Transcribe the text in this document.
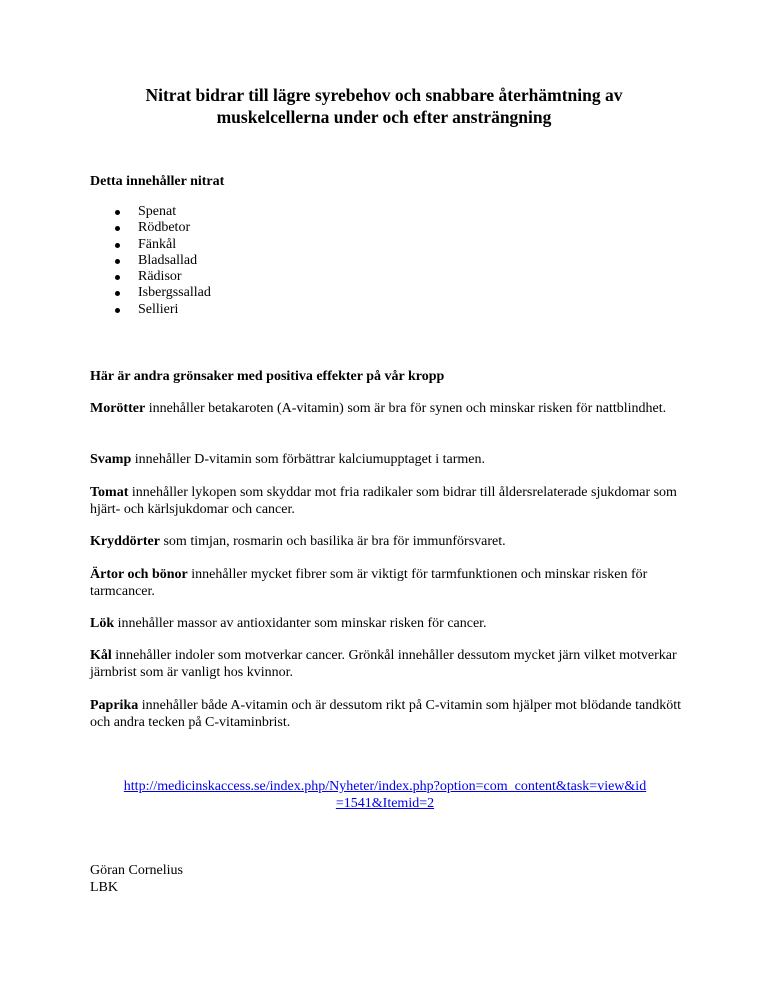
Nitrat bidrar till lägre syrebehov och snabbare återhämtning av
muskelcellerna under och efter ansträngning
Detta innehåller nitrat
Spenat
Rödbetor
Fänkål
Bladsallad
Rädisor
Isbergssallad
Sellieri
Här är andra grönsaker med positiva effekter på vår kropp

Morötter innehåller betakaroten (A-vitamin) som är bra för synen och minskar risken för nattblindhet.

Svamp innehåller D-vitamin som förbättrar kalciumupptaget i tarmen.

Tomat innehåller lykopen som skyddar mot fria radikaler som bidrar till åldersrelaterade sjukdomar som hjärt- och kärlsjukdomar och cancer.

Kryddörter som timjan, rosmarin och basilika är bra för immunförsvaret.

Ärtor och bönor innehåller mycket fibrer som är viktigt för tarmfunktionen och minskar risken för tarmcancer.

Lök innehåller massor av antioxidanter som minskar risken för cancer.

Kål innehåller indoler som motverkar cancer. Grönkål innehåller dessutom mycket järn vilket motverkar järnbrist som är vanligt hos kvinnor.

Paprika innehåller både A-vitamin och är dessutom rikt på C-vitamin som hjälper mot blödande tandkött och andra tecken på C-vitaminbrist.

http://medicinskaccess.se/index.php/Nyheter/index.php?option=com_content&task=view&id
=1541&Itemid=2
Göran Cornelius
LBK
